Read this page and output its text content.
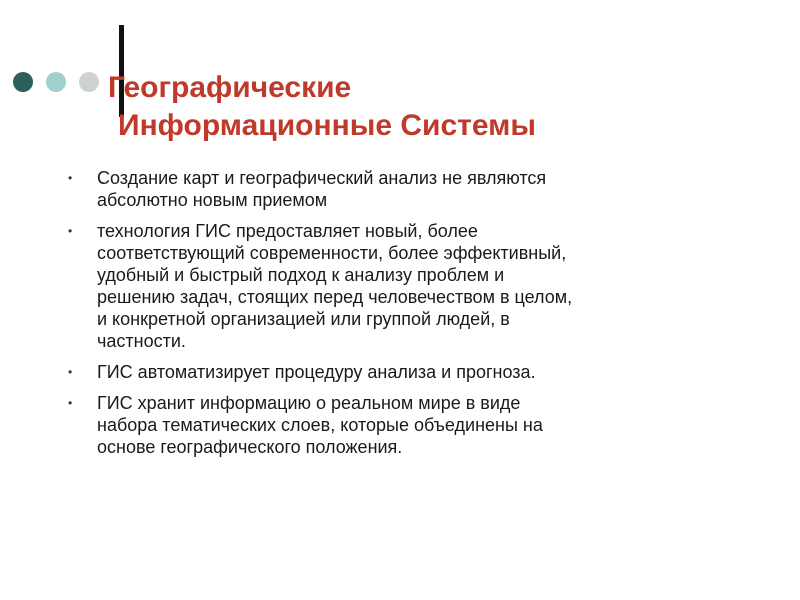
Географические
Информационные Системы
• Создание карт и географический анализ не являются
абсолютно новым приемом
• технология ГИС предоставляет новый, более
соответствующий современности, более эффективный,
удобный и быстрый подход к анализу проблем и
решению задач, стоящих перед человечеством в целом,
и конкретной организацией или группой людей, в
частности.
• ГИС автоматизирует процедуру анализа и прогноза.
• ГИС хранит информацию о реальном мире в виде
набора тематических слоев, которые объединены на
основе географического положения.
